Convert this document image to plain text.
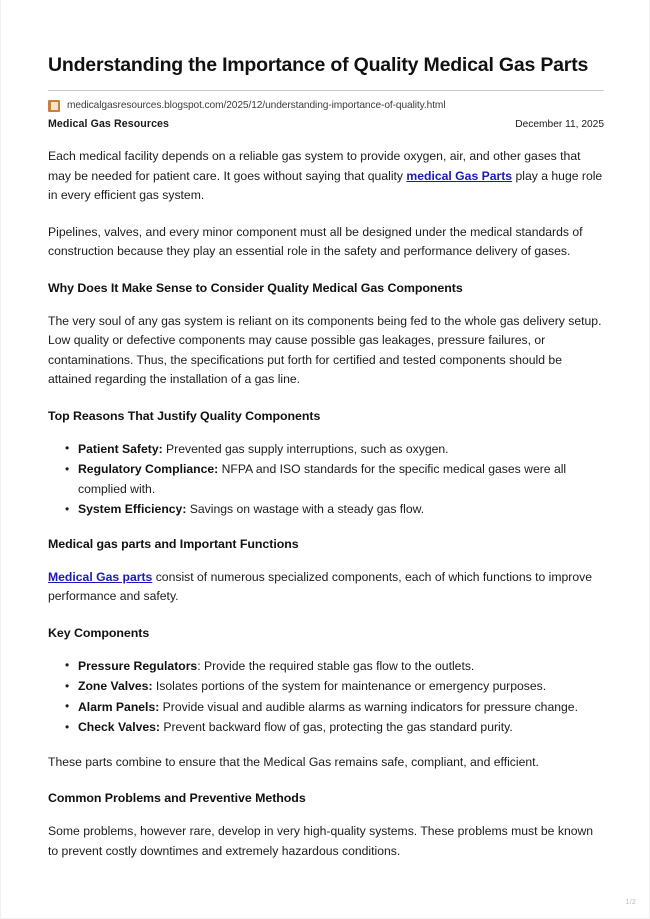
Understanding the Importance of Quality Medical Gas Parts
medicalgasresources.blogspot.com/2025/12/understanding-importance-of-quality.html
Medical Gas Resources	December 11, 2025

Each medical facility depends on a reliable gas system to provide oxygen, air, and other gases that may be needed for patient care. It goes without saying that quality medical Gas Parts play a huge role in every efficient gas system.

Pipelines, valves, and every minor component must all be designed under the medical standards of construction because they play an essential role in the safety and performance delivery of gases.

Why Does It Make Sense to Consider Quality Medical Gas Components

The very soul of any gas system is reliant on its components being fed to the whole gas delivery setup. Low quality or defective components may cause possible gas leakages, pressure failures, or contaminations. Thus, the specifications put forth for certified and tested components should be attained regarding the installation of a gas line.

Top Reasons That Justify Quality Components
• Patient Safety: Prevented gas supply interruptions, such as oxygen.
• Regulatory Compliance: NFPA and ISO standards for the specific medical gases were all complied with.
• System Efficiency: Savings on wastage with a steady gas flow.
Medical gas parts and Important Functions

Medical Gas parts consist of numerous specialized components, each of which functions to improve performance and safety.

Key Components
• Pressure Regulators: Provide the required stable gas flow to the outlets.
• Zone Valves: Isolates portions of the system for maintenance or emergency purposes.
• Alarm Panels: Provide visual and audible alarms as warning indicators for pressure change.
• Check Valves: Prevent backward flow of gas, protecting the gas standard purity.

These parts combine to ensure that the Medical Gas remains safe, compliant, and efficient.

Common Problems and Preventive Methods

Some problems, however rare, develop in very high-quality systems. These problems must be known to prevent costly downtimes and extremely hazardous conditions.

1/2
